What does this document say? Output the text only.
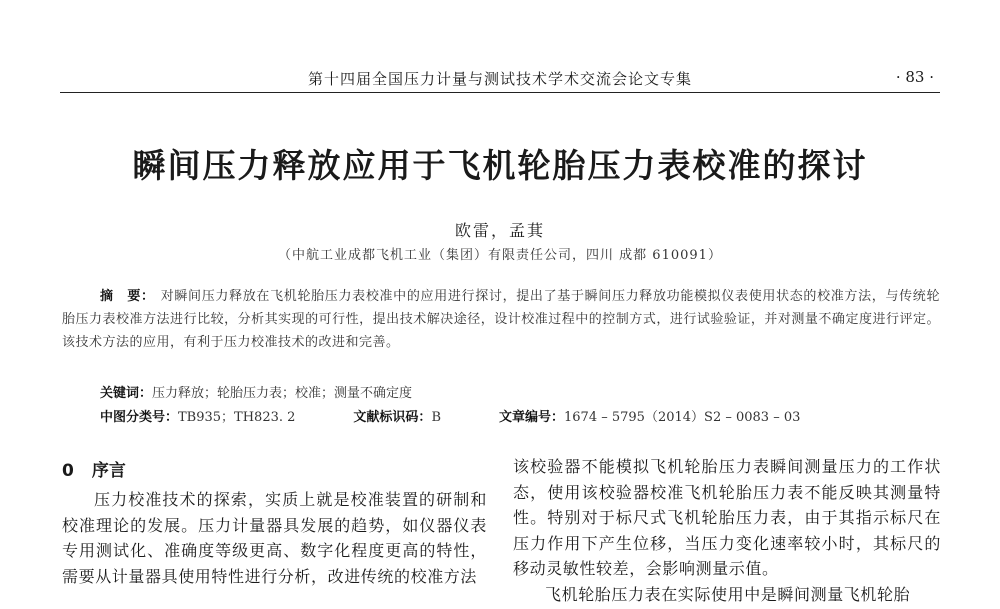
第十四届全国压力计量与测试技术学术交流会论文专集	· 83 ·
瞬间压力释放应用于飞机轮胎压力表校准的探讨
欧雷，孟萁
（中航工业成都飞机工业（集团）有限责任公司，四川 成都 610091）
摘　要： 对瞬间压力释放在飞机轮胎压力表校准中的应用进行探讨，提出了基于瞬间压力释放功能模拟仪表使用状态的校准方法，与传统轮胎压力表校准方法进行比较，分析其实现的可行性，提出技术解决途径，设计校准过程中的控制方式，进行试验验证，并对测量不确定度进行评定。该技术方法的应用，有利于压力校准技术的改进和完善。
关键词：压力释放；轮胎压力表；校准；测量不确定度
中图分类号：TB935；TH823. 2	文献标识码：B	文章编号：1674 – 5795（2014）S2 – 0083 – 03
0 序言

压力校准技术的探索，实质上就是校准装置的研制和校准理论的发展。压力计量器具发展的趋势，如仪器仪表专用测试化、准确度等级更高、数字化程度更高的特性，需要从计量器具使用特性进行分析，改进传统的校准方法

该校验器不能模拟飞机轮胎压力表瞬间测量压力的工作状态，使用该校验器校准飞机轮胎压力表不能反映其测量特性。特别对于标尺式飞机轮胎压力表，由于其指示标尺在压力作用下产生位移，当压力变化速率较小时，其标尺的移动灵敏性较差，会影响测量示值。

飞机轮胎压力表在实际使用中是瞬间测量飞机轮胎
